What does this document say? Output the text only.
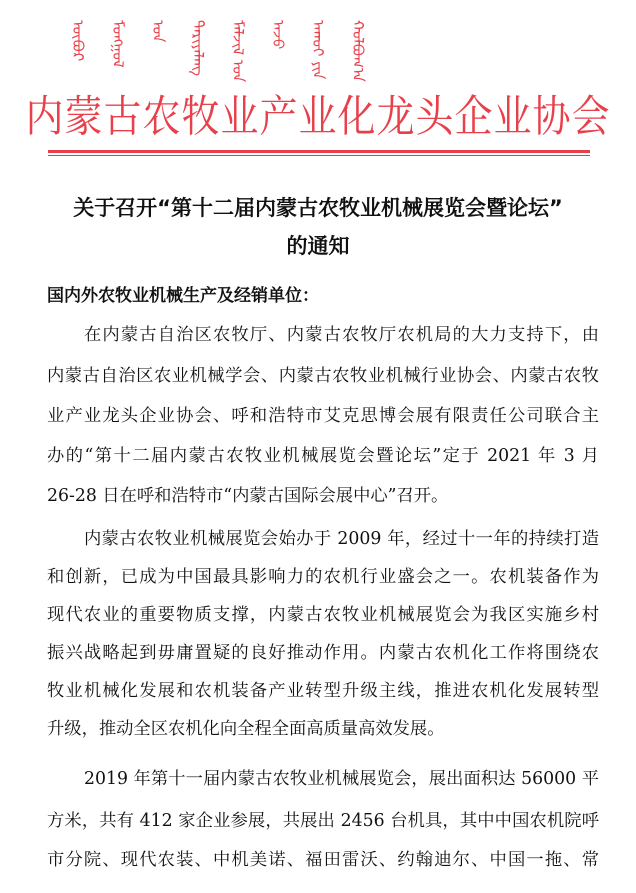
ᠦᠪᠦᠷ ᠮᠣᠩᠭᠣᠯ ᠤᠨ ᠲᠠᠷᠢᠶᠠᠯᠠᠩ ᠮᠠᠯᠵᠢᠯ ᠤᠨ ᠠᠵᠤ ᠠᠬᠤᠢ ᠶᠢᠨ ᠬᠣᠯᠪᠣᠭ᠎ᠠ
内蒙古农牧业产业化龙头企业协会
关于召开“第十二届内蒙古农牧业机械展览会暨论坛”
的通知
国内外农牧业机械生产及经销单位：
在内蒙古自治区农牧厅、内蒙古农牧厅农机局的大力支持下，由
内蒙古自治区农业机械学会、内蒙古农牧业机械行业协会、内蒙古农牧
业产业龙头企业协会、呼和浩特市艾克思博会展有限责任公司联合主
办的“第十二届内蒙古农牧业机械展览会暨论坛”定于 2021 年 3 月
26-28 日在呼和浩特市“内蒙古国际会展中心”召开。
内蒙古农牧业机械展览会始办于 2009 年，经过十一年的持续打造
和创新，已成为中国最具影响力的农机行业盛会之一。农机装备作为
现代农业的重要物质支撑，内蒙古农牧业机械展览会为我区实施乡村
振兴战略起到毋庸置疑的良好推动作用。内蒙古农机化工作将围绕农
牧业机械化发展和农机装备产业转型升级主线，推进农机化发展转型
升级，推动全区农机化向全程全面高质量高效发展。
2019 年第十一届内蒙古农牧业机械展览会，展出面积达 56000 平
方米，共有 412 家企业参展，共展出 2456 台机具，其中中国农机院呼
市分院、现代农装、中机美诺、福田雷沃、约翰迪尔、中国一拖、常
